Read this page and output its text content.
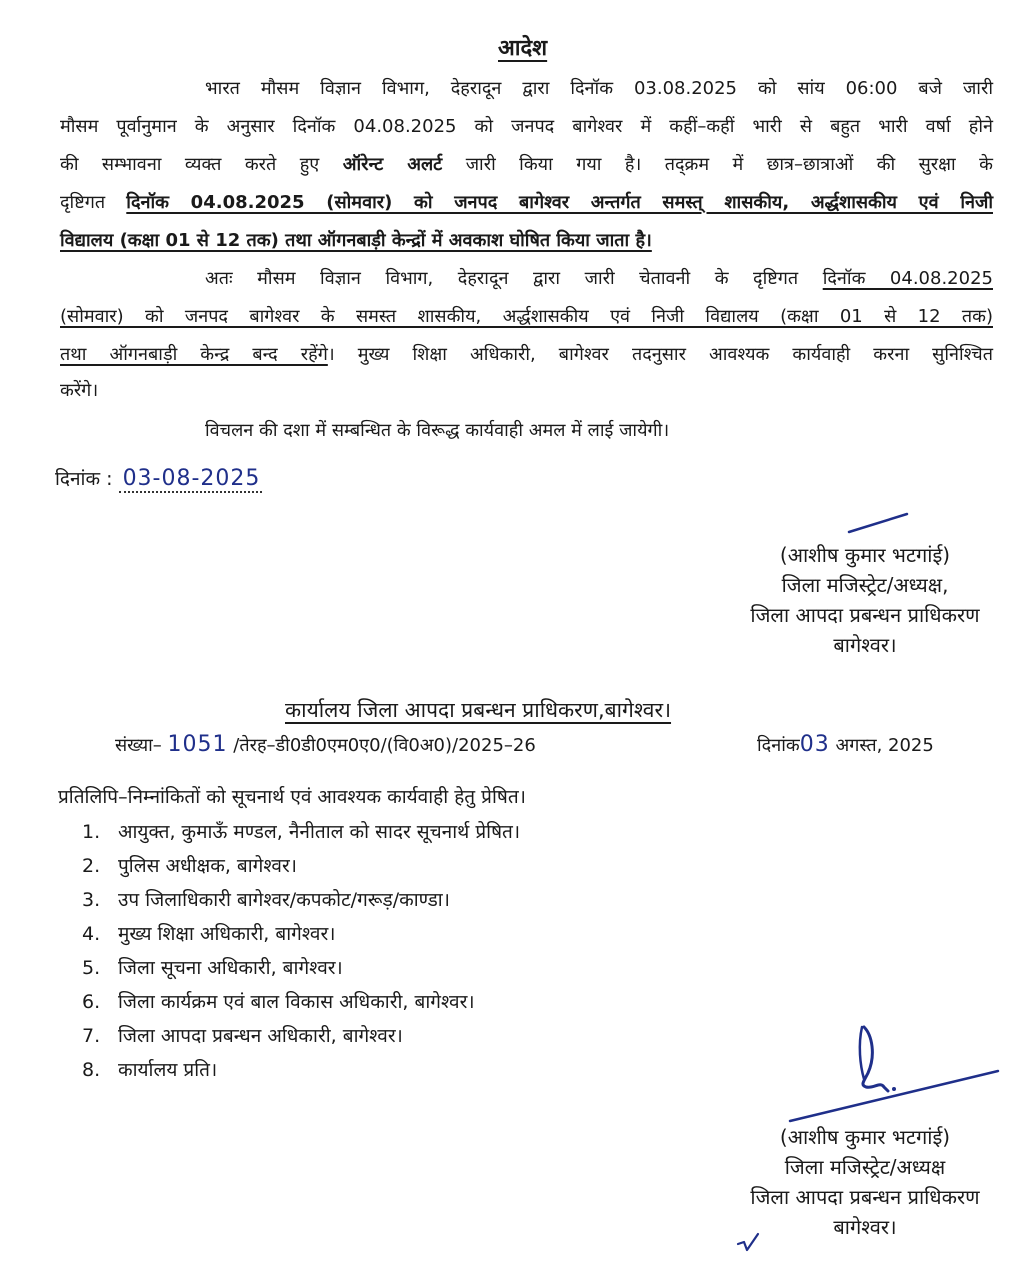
आदेश
भारत मौसम विज्ञान विभाग, देहरादून द्वारा दिनॉक 03.08.2025 को सांय 06:00 बजे जारी
मौसम पूर्वानुमान के अनुसार दिनॉक 04.08.2025 को जनपद बागेश्वर में कहीं–कहीं भारी से बहुत भारी वर्षा होने
की सम्भावना व्यक्त करते हुए ऑरेन्ट अलर्ट जारी किया गया है। तद्क्रम में छात्र–छात्राओं की सुरक्षा के
दृष्टिगत दिनॉक 04.08.2025 (सोमवार) को जनपद बागेश्वर अन्तर्गत समस्त् शासकीय, अर्द्धशासकीय एवं निजी
विद्यालय (कक्षा 01 से 12 तक) तथा ऑगनबाड़ी केन्द्रों में अवकाश घोषित किया जाता है।
अतः मौसम विज्ञान विभाग, देहरादून द्वारा जारी चेतावनी के दृष्टिगत दिनॉक 04.08.2025
(सोमवार) को जनपद बागेश्वर के समस्त शासकीय, अर्द्धशासकीय एवं निजी विद्यालय (कक्षा 01 से 12 तक)
तथा ऑगनबाड़ी केन्द्र बन्द रहेंगे। मुख्य शिक्षा अधिकारी, बागेश्वर तदनुसार आवश्यक कार्यवाही करना सुनिश्चित
करेंगे।
विचलन की दशा में सम्बन्धित के विरूद्ध कार्यवाही अमल में लाई जायेगी।
दिनांक : 03-08-2025
(आशीष कुमार भटगांई)
जिला मजिस्ट्रेट/अध्यक्ष,
जिला आपदा प्रबन्धन प्राधिकरण
बागेश्वर।
कार्यालय जिला आपदा प्रबन्धन प्राधिकरण,बागेश्वर।
संख्या– 1051 /तेरह–डी0डी0एम0ए0/(वि0अ0)/2025–26	दिनांक03 अगस्त, 2025
प्रतिलिपि–निम्नांकितों को सूचनार्थ एवं आवश्यक कार्यवाही हेतु प्रेषित।
1. आयुक्त, कुमाऊँ मण्डल, नैनीताल को सादर सूचनार्थ प्रेषित।
2. पुलिस अधीक्षक, बागेश्वर।
3. उप जिलाधिकारी बागेश्वर/कपकोट/गरूड़/काण्डा।
4. मुख्य शिक्षा अधिकारी, बागेश्वर।
5. जिला सूचना अधिकारी, बागेश्वर।
6. जिला कार्यक्रम एवं बाल विकास अधिकारी, बागेश्वर।
7. जिला आपदा प्रबन्धन अधिकारी, बागेश्वर।
8. कार्यालय प्रति।
(आशीष कुमार भटगांई)
जिला मजिस्ट्रेट/अध्यक्ष
जिला आपदा प्रबन्धन प्राधिकरण
बागेश्वर।
